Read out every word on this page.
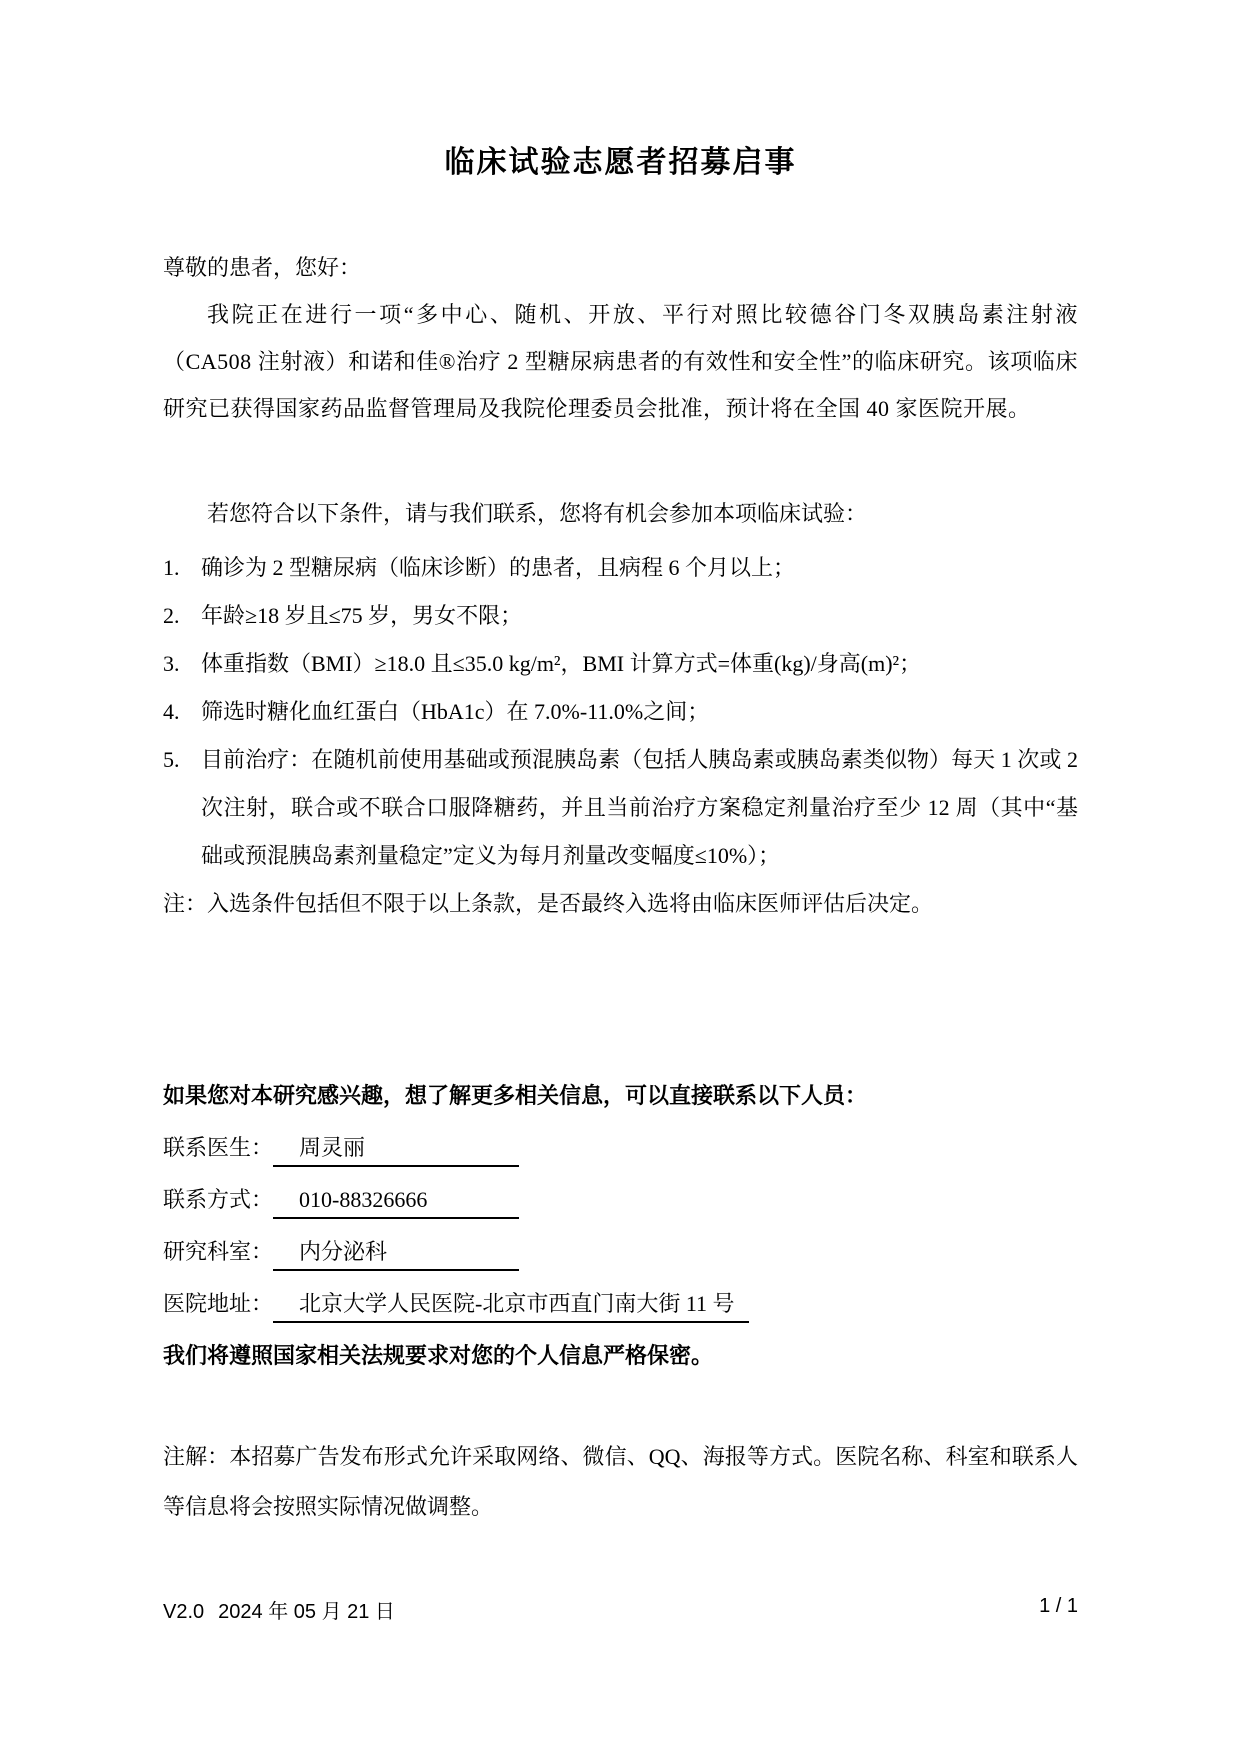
临床试验志愿者招募启事

尊敬的患者，您好：

我院正在进行一项“多中心、随机、开放、平行对照比较德谷门冬双胰岛素注射液（CA508 注射液）和诺和佳®治疗 2 型糖尿病患者的有效性和安全性”的临床研究。该项临床研究已获得国家药品监督管理局及我院伦理委员会批准，预计将在全国 40 家医院开展。

若您符合以下条件，请与我们联系，您将有机会参加本项临床试验：

1. 确诊为 2 型糖尿病（临床诊断）的患者，且病程 6 个月以上；
2. 年龄≥18 岁且≤75 岁，男女不限；
3. 体重指数（BMI）≥18.0 且≤35.0 kg/m²，BMI 计算方式=体重(kg)/身高(m)²；
4. 筛选时糖化血红蛋白（HbA1c）在 7.0%-11.0%之间；
5. 目前治疗：在随机前使用基础或预混胰岛素（包括人胰岛素或胰岛素类似物）每天 1 次或 2 次注射，联合或不联合口服降糖药，并且当前治疗方案稳定剂量治疗至少 12 周（其中“基础或预混胰岛素剂量稳定”定义为每月剂量改变幅度≤10%）；

注：入选条件包括但不限于以上条款，是否最终入选将由临床医师评估后决定。

如果您对本研究感兴趣，想了解更多相关信息，可以直接联系以下人员：

联系医生： 周灵丽
联系方式： 010-88326666
研究科室： 内分泌科
医院地址： 北京大学人民医院-北京市西直门南大街 11 号

我们将遵照国家相关法规要求对您的个人信息严格保密。

注解：本招募广告发布形式允许采取网络、微信、QQ、海报等方式。医院名称、科室和联系人等信息将会按照实际情况做调整。

V2.0 2024 年 05 月 21 日	1 / 1
